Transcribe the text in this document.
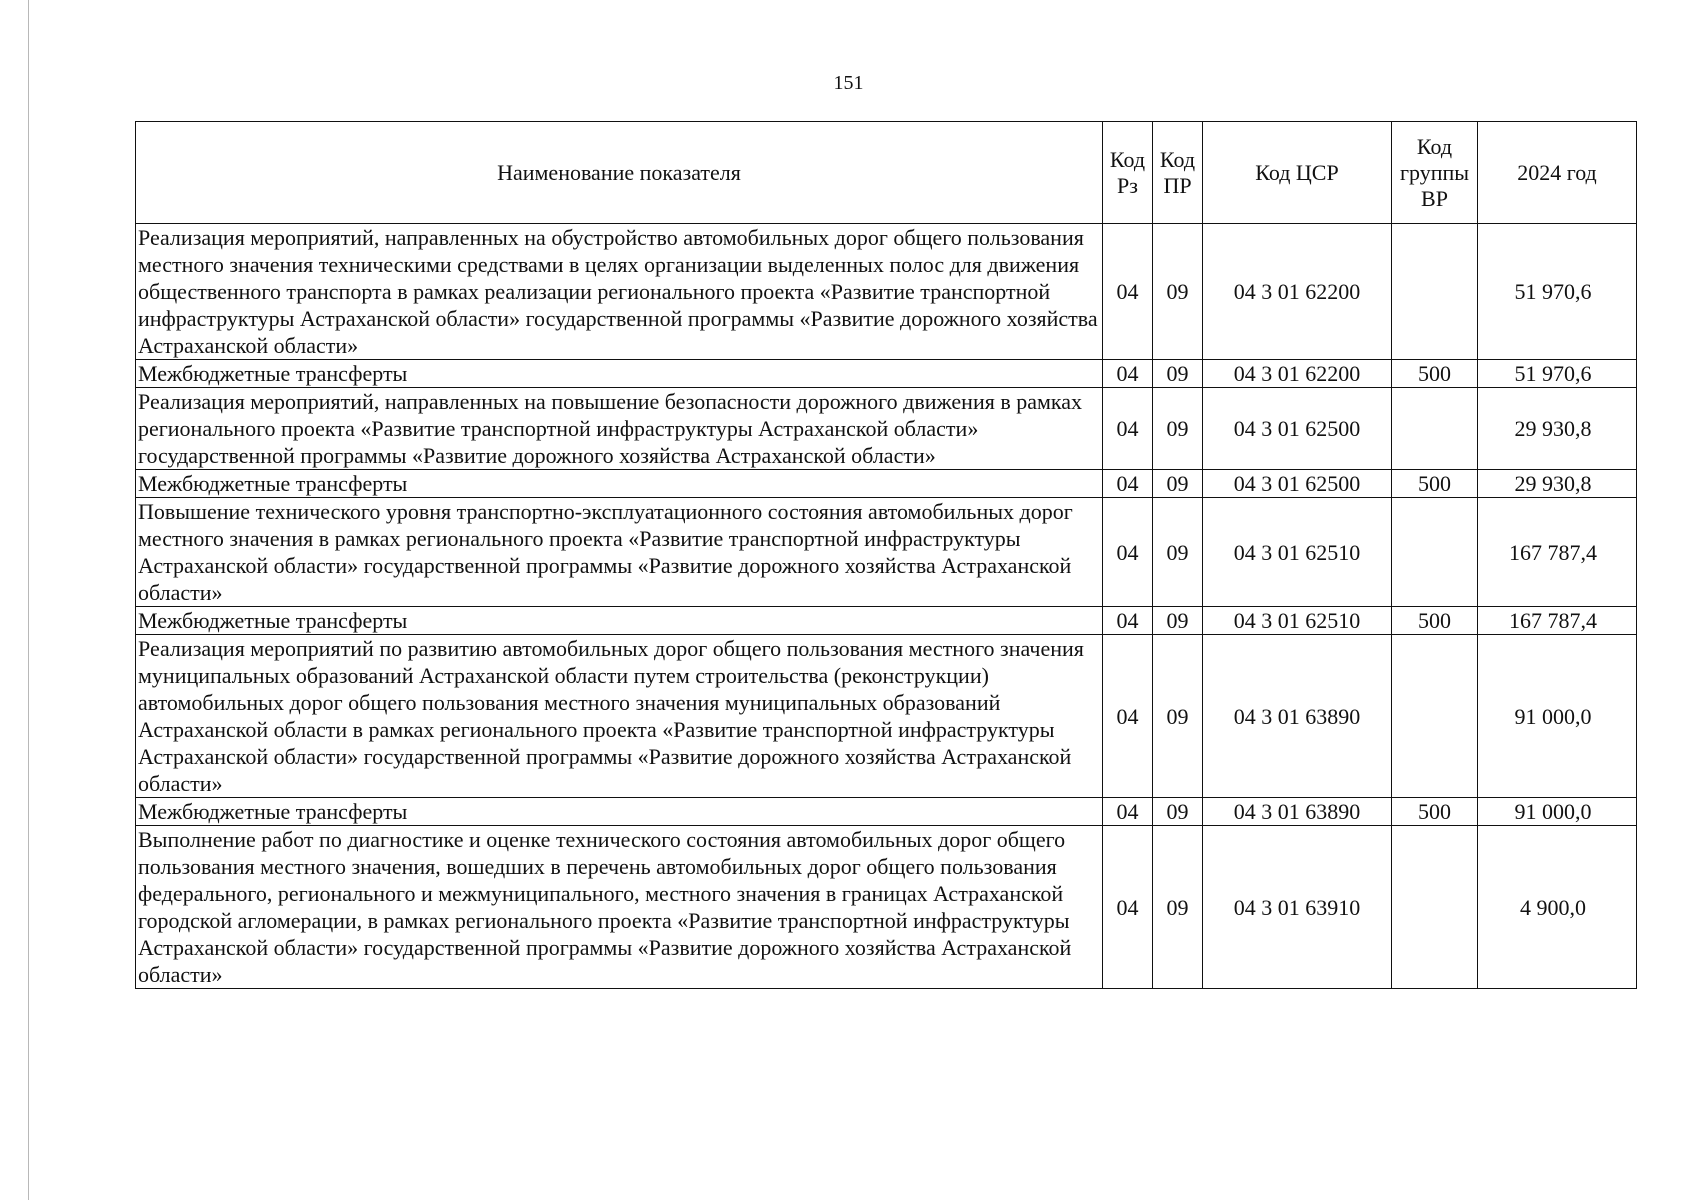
151
Наименование показателя	Код Рз	Код ПР	Код ЦСР	Код группы ВР	2024 год
Реализация мероприятий, направленных на обустройство автомобильных дорог общего пользования местного значения техническими средствами в целях организации выделенных полос для движения общественного транспорта в рамках реализации регионального проекта «Развитие транспортной инфраструктуры Астраханской области» государственной программы «Развитие дорожного хозяйства Астраханской области»	04	09	04 3 01 62200		51 970,6
Межбюджетные трансферты	04	09	04 3 01 62200	500	51 970,6
Реализация мероприятий, направленных на повышение безопасности дорожного движения в рамках регионального проекта «Развитие транспортной инфраструктуры Астраханской области» государственной программы «Развитие дорожного хозяйства Астраханской области»	04	09	04 3 01 62500		29 930,8
Межбюджетные трансферты	04	09	04 3 01 62500	500	29 930,8
Повышение технического уровня транспортно-эксплуатационного состояния автомобильных дорог местного значения в рамках регионального проекта «Развитие транспортной инфраструктуры Астраханской области» государственной программы «Развитие дорожного хозяйства Астраханской области»	04	09	04 3 01 62510		167 787,4
Межбюджетные трансферты	04	09	04 3 01 62510	500	167 787,4
Реализация мероприятий по развитию автомобильных дорог общего пользования местного значения муниципальных образований Астраханской области путем строительства (реконструкции) автомобильных дорог общего пользования местного значения муниципальных образований Астраханской области в рамках регионального проекта «Развитие транспортной инфраструктуры Астраханской области» государственной программы «Развитие дорожного хозяйства Астраханской области»	04	09	04 3 01 63890		91 000,0
Межбюджетные трансферты	04	09	04 3 01 63890	500	91 000,0
Выполнение работ по диагностике и оценке технического состояния автомобильных дорог общего пользования местного значения, вошедших в перечень автомобильных дорог общего пользования федерального, регионального и межмуниципального, местного значения в границах Астраханской городской агломерации, в рамках регионального проекта «Развитие транспортной инфраструктуры Астраханской области» государственной программы «Развитие дорожного хозяйства Астраханской области»	04	09	04 3 01 63910		4 900,0
